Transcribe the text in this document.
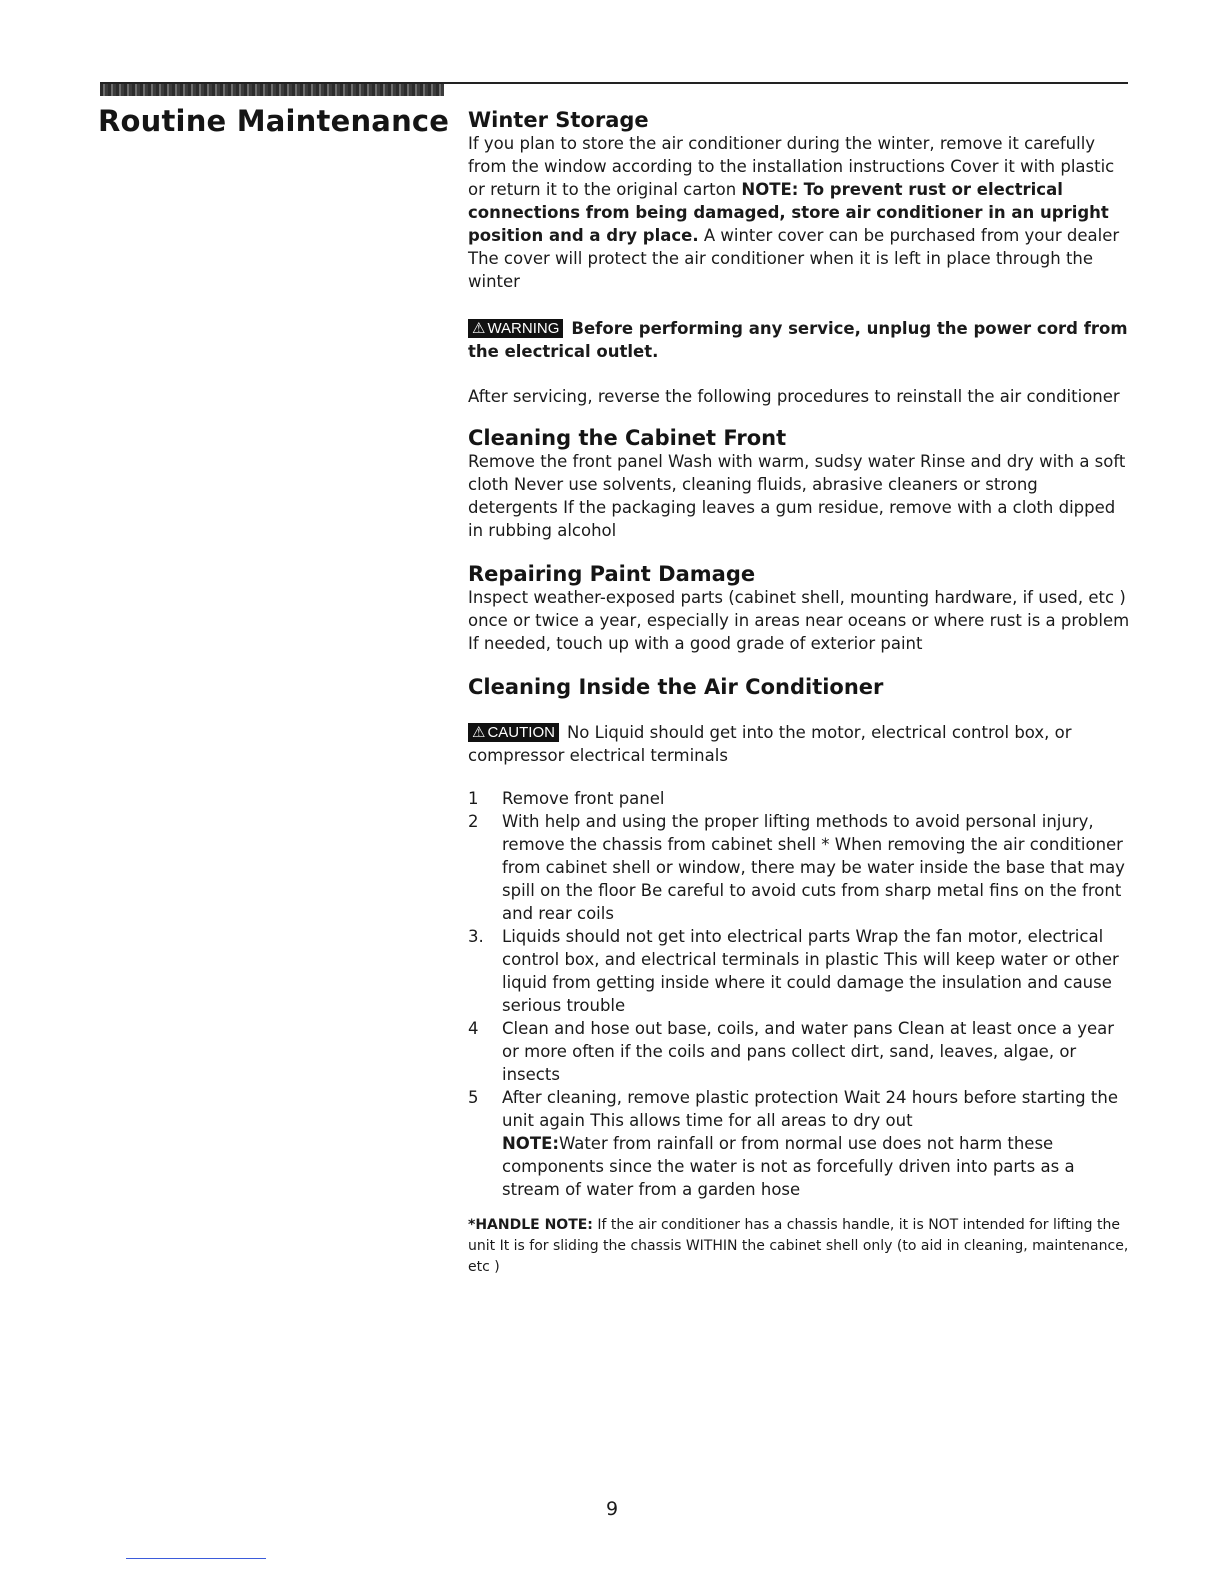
Routine Maintenance Winter Storage

If you plan to store the air conditioner during the winter, remove it carefully from the window according to the installation instructions Cover it with plastic or return it to the original carton NOTE: To prevent rust or electrical connections from being damaged, store air conditioner in an upright position and a dry place. A winter cover can be purchased from your dealer The cover will protect the air conditioner when it is left in place through the winter

⚠ WARNING Before performing any service, unplug the power cord from the electrical outlet.

After servicing, reverse the following procedures to reinstall the air conditioner

Cleaning the Cabinet Front

Remove the front panel Wash with warm, sudsy water Rinse and dry with a soft cloth Never use solvents, cleaning fluids, abrasive cleaners or strong detergents If the packaging leaves a gum residue, remove with a cloth dipped in rubbing alcohol

Repairing Paint Damage

Inspect weather-exposed parts (cabinet shell, mounting hardware, if used, etc ) once or twice a year, especially in areas near oceans or where rust is a problem If needed, touch up with a good grade of exterior paint

Cleaning Inside the Air Conditioner

⚠ CAUTION No Liquid should get into the motor, electrical control box, or compressor electrical terminals

1 Remove front panel
2 With help and using the proper lifting methods to avoid personal injury, remove the chassis from cabinet shell * When removing the air conditioner from cabinet shell or window, there may be water inside the base that may spill on the floor Be careful to avoid cuts from sharp metal fins on the front and rear coils
3. Liquids should not get into electrical parts Wrap the fan motor, electrical control box, and electrical terminals in plastic This will keep water or other liquid from getting inside where it could damage the insulation and cause serious trouble
4 Clean and hose out base, coils, and water pans Clean at least once a year or more often if the coils and pans collect dirt, sand, leaves, algae, or insects
5 After cleaning, remove plastic protection Wait 24 hours before starting the unit again This allows time for all areas to dry out
NOTE:Water from rainfall or from normal use does not harm these components since the water is not as forcefully driven into parts as a stream of water from a garden hose

*HANDLE NOTE: If the air conditioner has a chassis handle, it is NOT intended for lifting the unit It is for sliding the chassis WITHIN the cabinet shell only (to aid in cleaning, maintenance, etc )

9
